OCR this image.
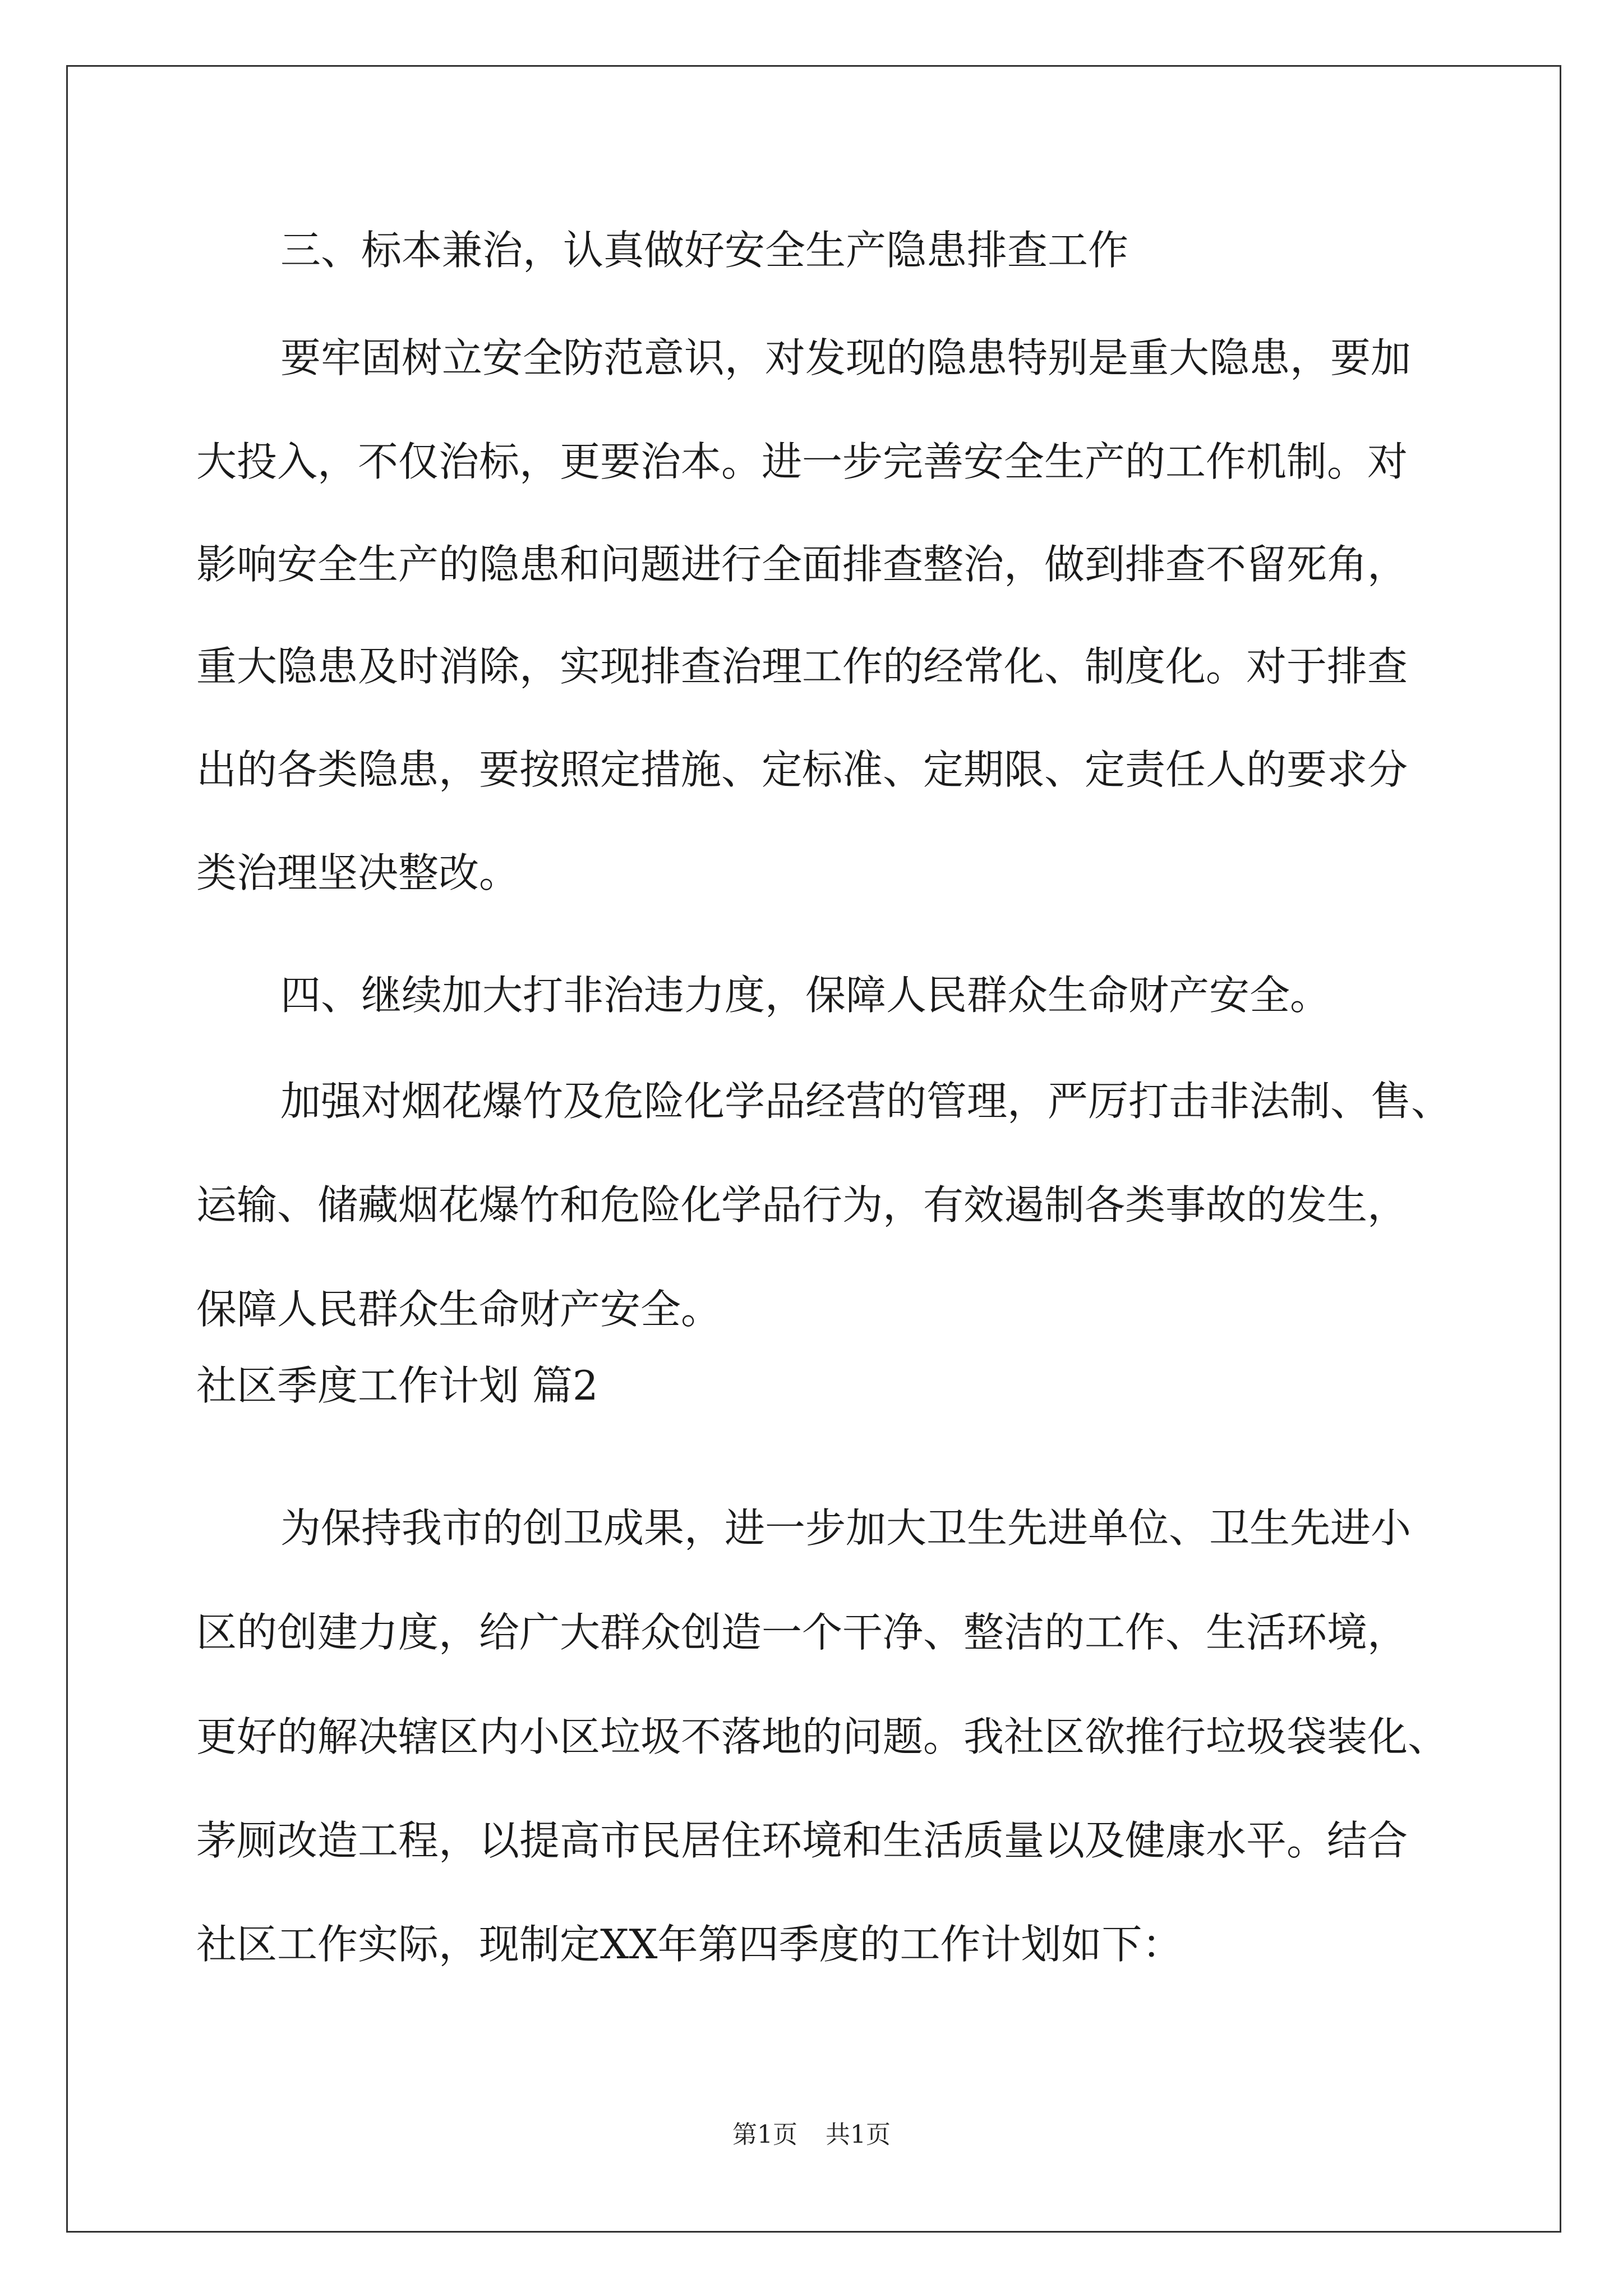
三、标本兼治，认真做好安全生产隐患排查工作
要牢固树立安全防范意识，对发现的隐患特别是重大隐患，要加
大投入，不仅治标，更要治本。进一步完善安全生产的工作机制。对
影响安全生产的隐患和问题进行全面排查整治，做到排查不留死角，
重大隐患及时消除，实现排查治理工作的经常化、制度化。对于排查
出的各类隐患，要按照定措施、定标准、定期限、定责任人的要求分
类治理坚决整改。
四、继续加大打非治违力度，保障人民群众生命财产安全。
加强对烟花爆竹及危险化学品经营的管理，严厉打击非法制、售、
运输、储藏烟花爆竹和危险化学品行为，有效遏制各类事故的发生，
保障人民群众生命财产安全。
社区季度工作计划 篇2
为保持我市的创卫成果，进一步加大卫生先进单位、卫生先进小
区的创建力度，给广大群众创造一个干净、整洁的工作、生活环境，
更好的解决辖区内小区垃圾不落地的问题。我社区欲推行垃圾袋装化、
茅厕改造工程，以提高市民居住环境和生活质量以及健康水平。结合
社区工作实际，现制定XX年第四季度的工作计划如下：
第1页 共1页
